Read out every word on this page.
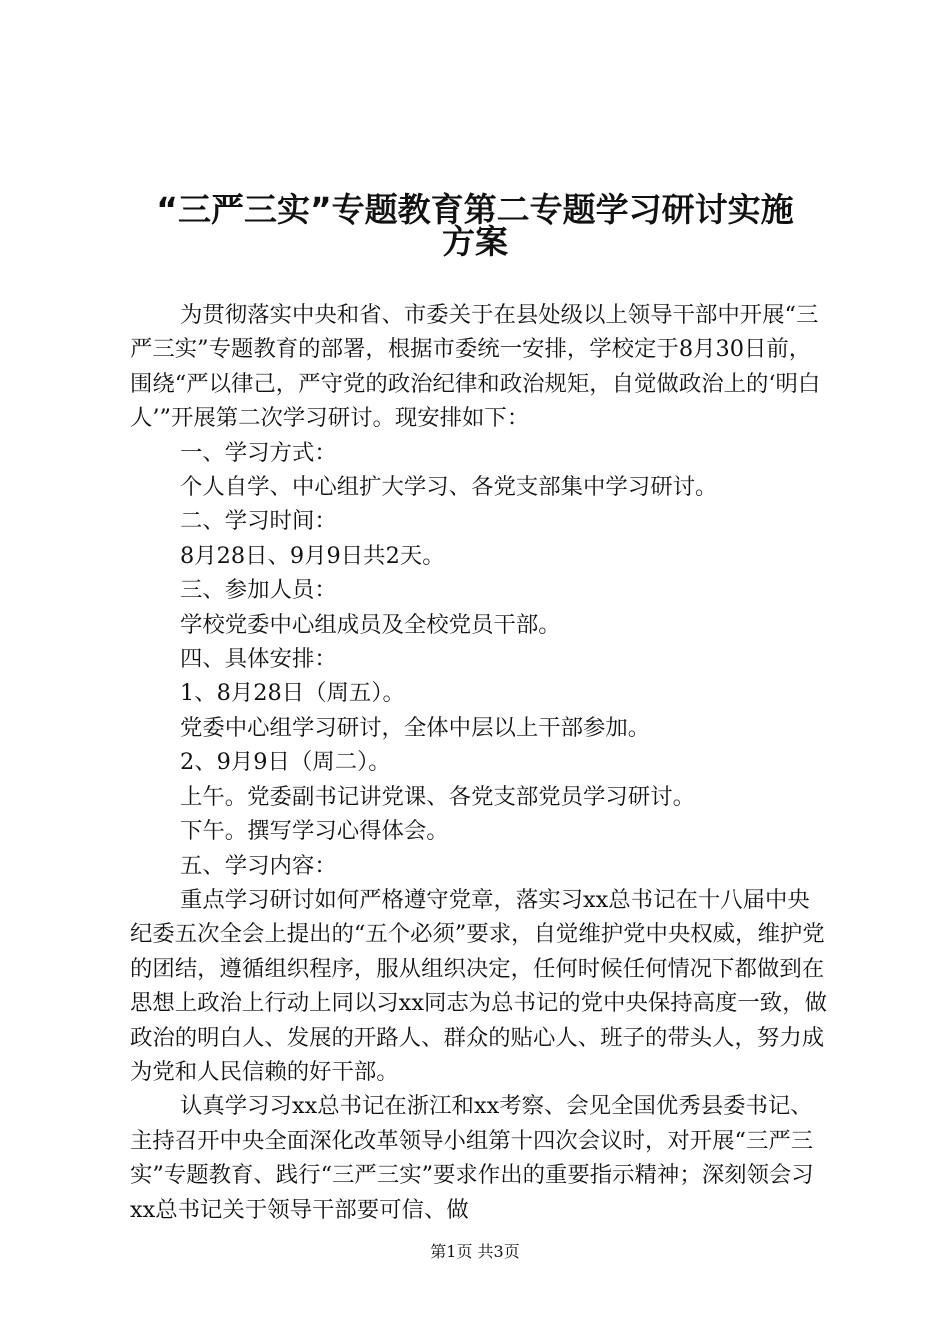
“三严三实”专题教育第二专题学习研讨实施
方案

为贯彻落实中央和省、市委关于在县处级以上领导干部中开展“三严三实”专题教育的部署，根据市委统一安排，学校定于8月30日前，围绕“严以律己，严守党的政治纪律和政治规矩，自觉做政治上的‘明白人’”开展第二次学习研讨。现安排如下：

一、学习方式：

个人自学、中心组扩大学习、各党支部集中学习研讨。

二、学习时间：

8月28日、9月9日共2天。

三、参加人员：

学校党委中心组成员及全校党员干部。

四、具体安排：

1、8月28日（周五）。

党委中心组学习研讨，全体中层以上干部参加。

2、9月9日（周二）。

上午。党委副书记讲党课、各党支部党员学习研讨。

下午。撰写学习心得体会。

五、学习内容：

重点学习研讨如何严格遵守党章，落实习xx总书记在十八届中央纪委五次全会上提出的“五个必须”要求，自觉维护党中央权威，维护党的团结，遵循组织程序，服从组织决定，任何时候任何情况下都做到在思想上政治上行动上同以习xx同志为总书记的党中央保持高度一致，做政治的明白人、发展的开路人、群众的贴心人、班子的带头人，努力成为党和人民信赖的好干部。

认真学习习xx总书记在浙江和xx考察、会见全国优秀县委书记、主持召开中央全面深化改革领导小组第十四次会议时，对开展“三严三实”专题教育、践行“三严三实”要求作出的重要指示精神；深刻领会习xx总书记关于领导干部要可信、做

第1页 共3页
